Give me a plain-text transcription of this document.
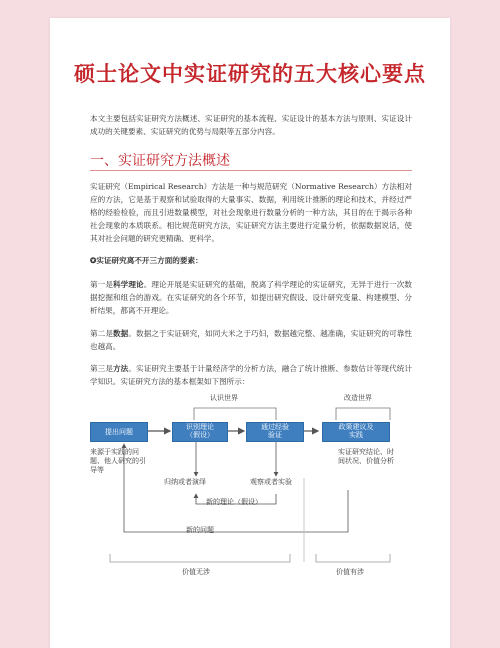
硕士论文中实证研究的五大核心要点
本文主要包括实证研究方法概述、实证研究的基本流程、实证设计的基本方法与原则、实证设计成功的关键要素、实证研究的优势与局限等五部分内容。
一、实证研究方法概述
实证研究（Empirical Research）方法是一种与规范研究（Normative Research）方法相对应的方法，它是基于观察和试验取得的大量事实、数据，利用统计推断的理论和技术，并经过严格的经验检验，而且引进数量模型，对社会现象进行数量分析的一种方法，其目的在于揭示各种社会现象的本质联系。相比规范研究方法，实证研究方法主要进行定量分析，依据数据说话，使其对社会问题的研究更精确、更科学。
✪实证研究离不开三方面的要素：
第一是科学理论。理论开展是实证研究的基础，脱离了科学理论的实证研究，无异于进行一次数据挖掘和组合的游戏。在实证研究的各个环节，如提出研究假设、设计研究变量、构建模型、分析结果，都离不开理论。
第二是数据。数据之于实证研究，如同大米之于巧妇，数据越完整、越准确，实证研究的可靠性也越高。
第三是方法。实证研究主要基于计量经济学的分析方法，融合了统计推断、参数估计等现代统计学知识。实证研究方法的基本框架如下图所示：
认识世界	改造世界
提出问题
识别理论
（假设）
通过经验
验证
政策建议及
实践
来源于实践的问题、他人研究的引导等
归纳或者演绎	观察或者实验
实证研究结论、时间状况、价值分析
新的理论（假设）
新的问题
价值无涉	价值有涉
